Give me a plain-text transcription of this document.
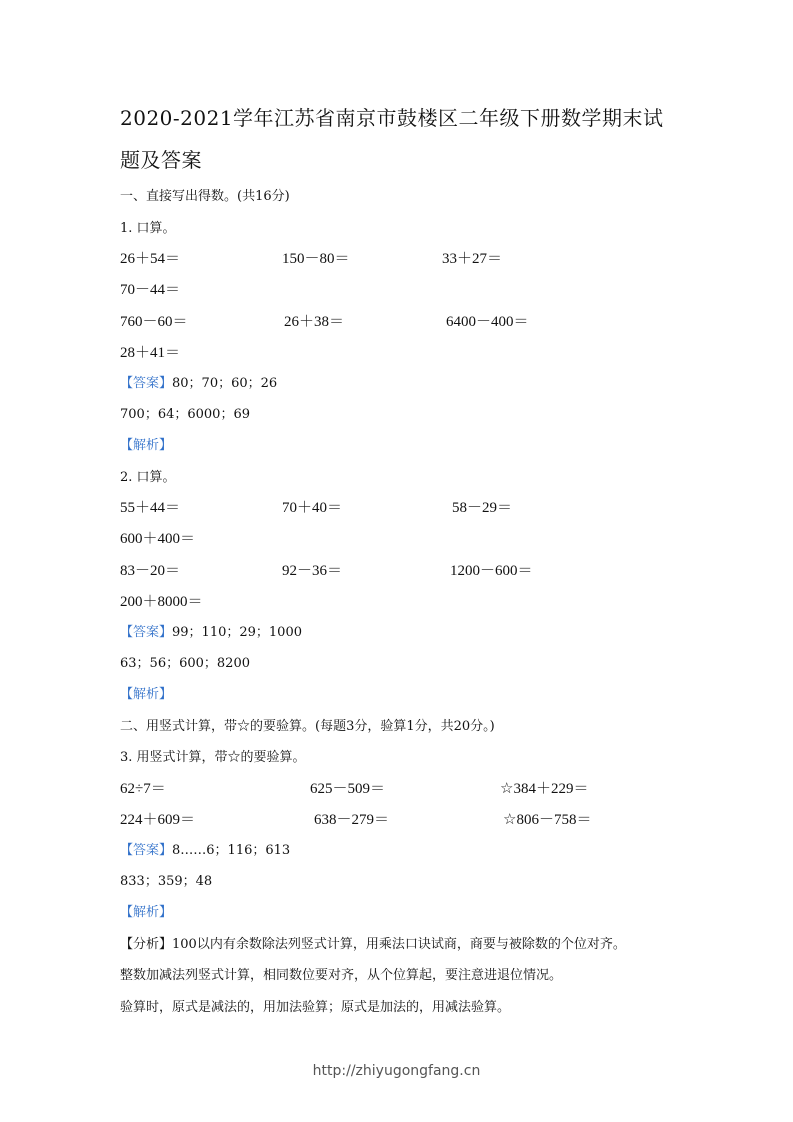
2020-2021学年江苏省南京市鼓楼区二年级下册数学期末试
题及答案
一、直接写出得数。(共16分)
1. 口算。
26＋54＝	150－80＝	33＋27＝
70－44＝
760－60＝	26＋38＝	6400－400＝
28＋41＝
【答案】80；70；60；26
700；64；6000；69
【解析】
2. 口算。
55＋44＝	70＋40＝	58－29＝
600＋400＝
83－20＝	92－36＝	1200－600＝
200＋8000＝
【答案】99；110；29；1000
63；56；600；8200
【解析】
二、用竖式计算，带☆的要验算。(每题3分，验算1分，共20分。)
3. 用竖式计算，带☆的要验算。
62÷7＝	625－509＝	☆384＋229＝
224＋609＝	638－279＝	☆806－758＝
【答案】8……6；116；613
833；359；48
【解析】
【分析】100以内有余数除法列竖式计算，用乘法口诀试商，商要与被除数的个位对齐。
整数加减法列竖式计算，相同数位要对齐，从个位算起，要注意进退位情况。
验算时，原式是减法的，用加法验算；原式是加法的，用减法验算。
http://zhiyugongfang.cn
